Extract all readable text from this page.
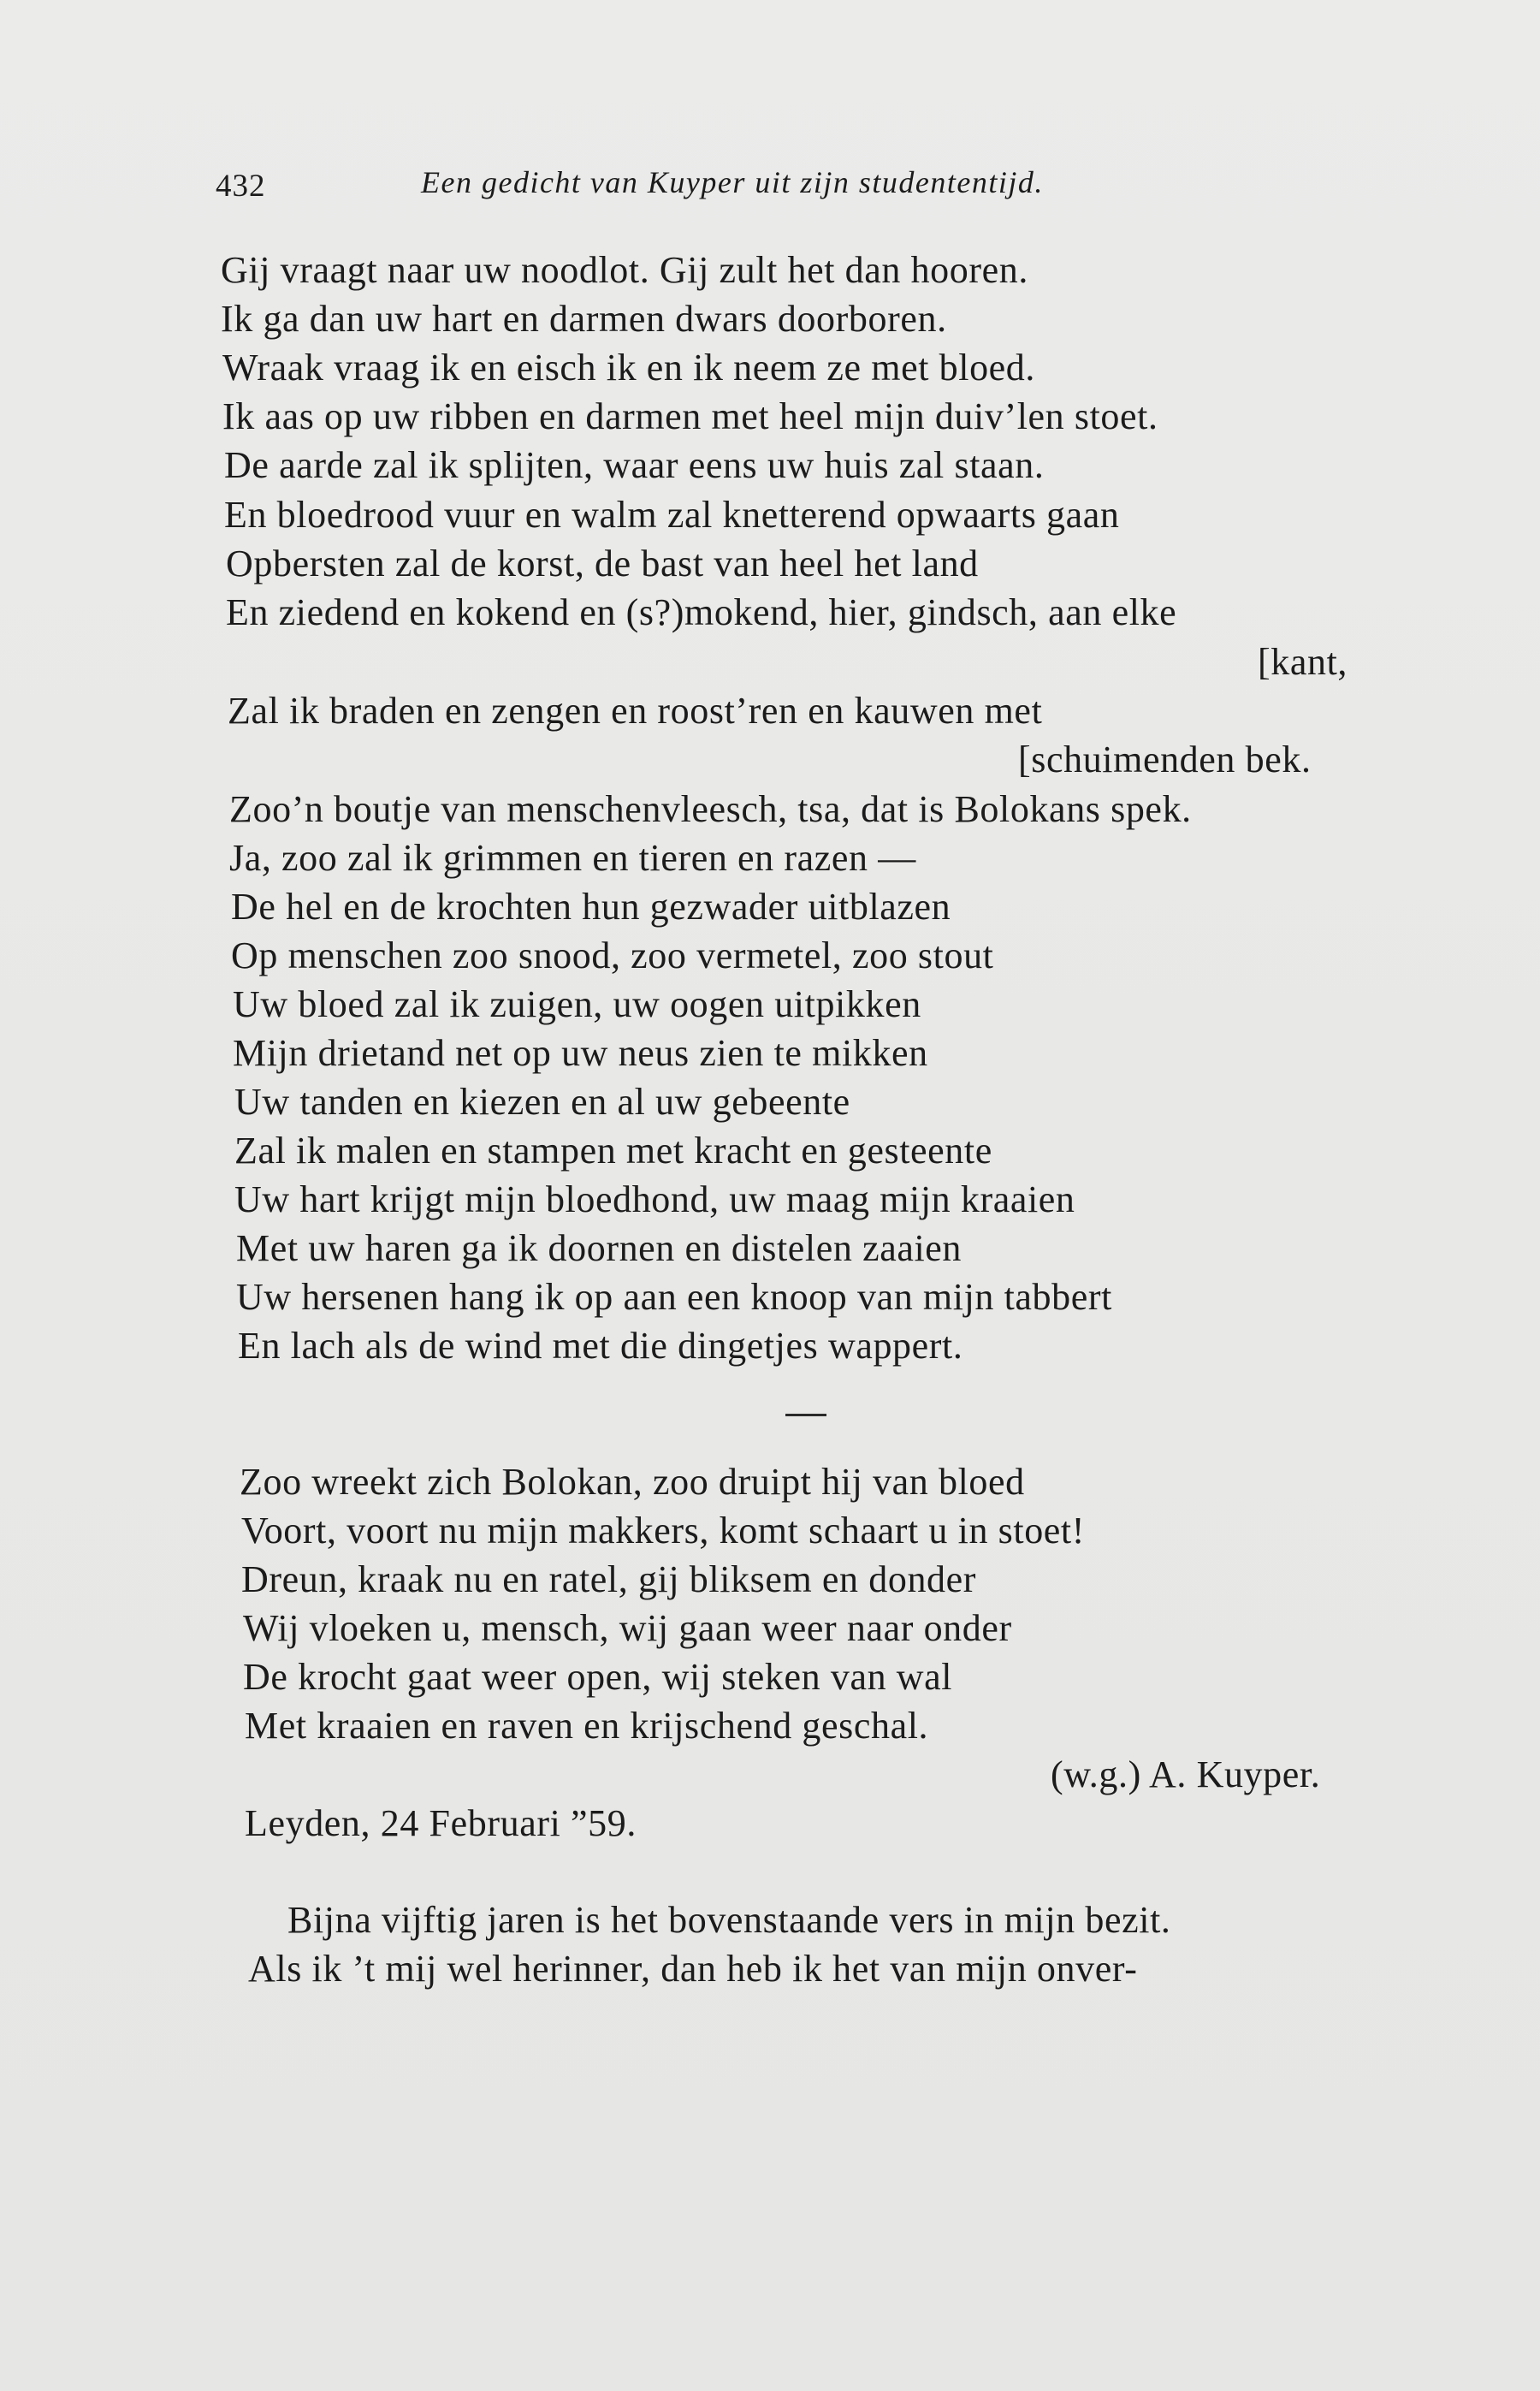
432	Een gedicht van Kuyper uit zijn studententijd.
Gij vraagt naar uw noodlot. Gij zult het dan hooren.
Ik ga dan uw hart en darmen dwars doorboren.
Wraak vraag ik en eisch ik en ik neem ze met bloed.
Ik aas op uw ribben en darmen met heel mijn duiv’len stoet.
De aarde zal ik splijten, waar eens uw huis zal staan.
En bloedrood vuur en walm zal knetterend opwaarts gaan
Opbersten zal de korst, de bast van heel het land
En ziedend en kokend en (s?)mokend, hier, gindsch, aan elke
[kant,
Zal ik braden en zengen en roost’ren en kauwen met
[schuimenden bek.
Zoo’n boutje van menschenvleesch, tsa, dat is Bolokans spek.
Ja, zoo zal ik grimmen en tieren en razen —
De hel en de krochten hun gezwader uitblazen
Op menschen zoo snood, zoo vermetel, zoo stout
Uw bloed zal ik zuigen, uw oogen uitpikken
Mijn drietand net op uw neus zien te mikken
Uw tanden en kiezen en al uw gebeente
Zal ik malen en stampen met kracht en gesteente
Uw hart krijgt mijn bloedhond, uw maag mijn kraaien
Met uw haren ga ik doornen en distelen zaaien
Uw hersenen hang ik op aan een knoop van mijn tabbert
En lach als de wind met die dingetjes wappert.
Zoo wreekt zich Bolokan, zoo druipt hij van bloed
Voort, voort nu mijn makkers, komt schaart u in stoet!
Dreun, kraak nu en ratel, gij bliksem en donder
Wij vloeken u, mensch, wij gaan weer naar onder
De krocht gaat weer open, wij steken van wal
Met kraaien en raven en krijschend geschal.
(w.g.) A. Kuyper.
Leyden, 24 Februari ”59.
Bijna vijftig jaren is het bovenstaande vers in mijn bezit.
Als ik ’t mij wel herinner, dan heb ik het van mijn onver-
